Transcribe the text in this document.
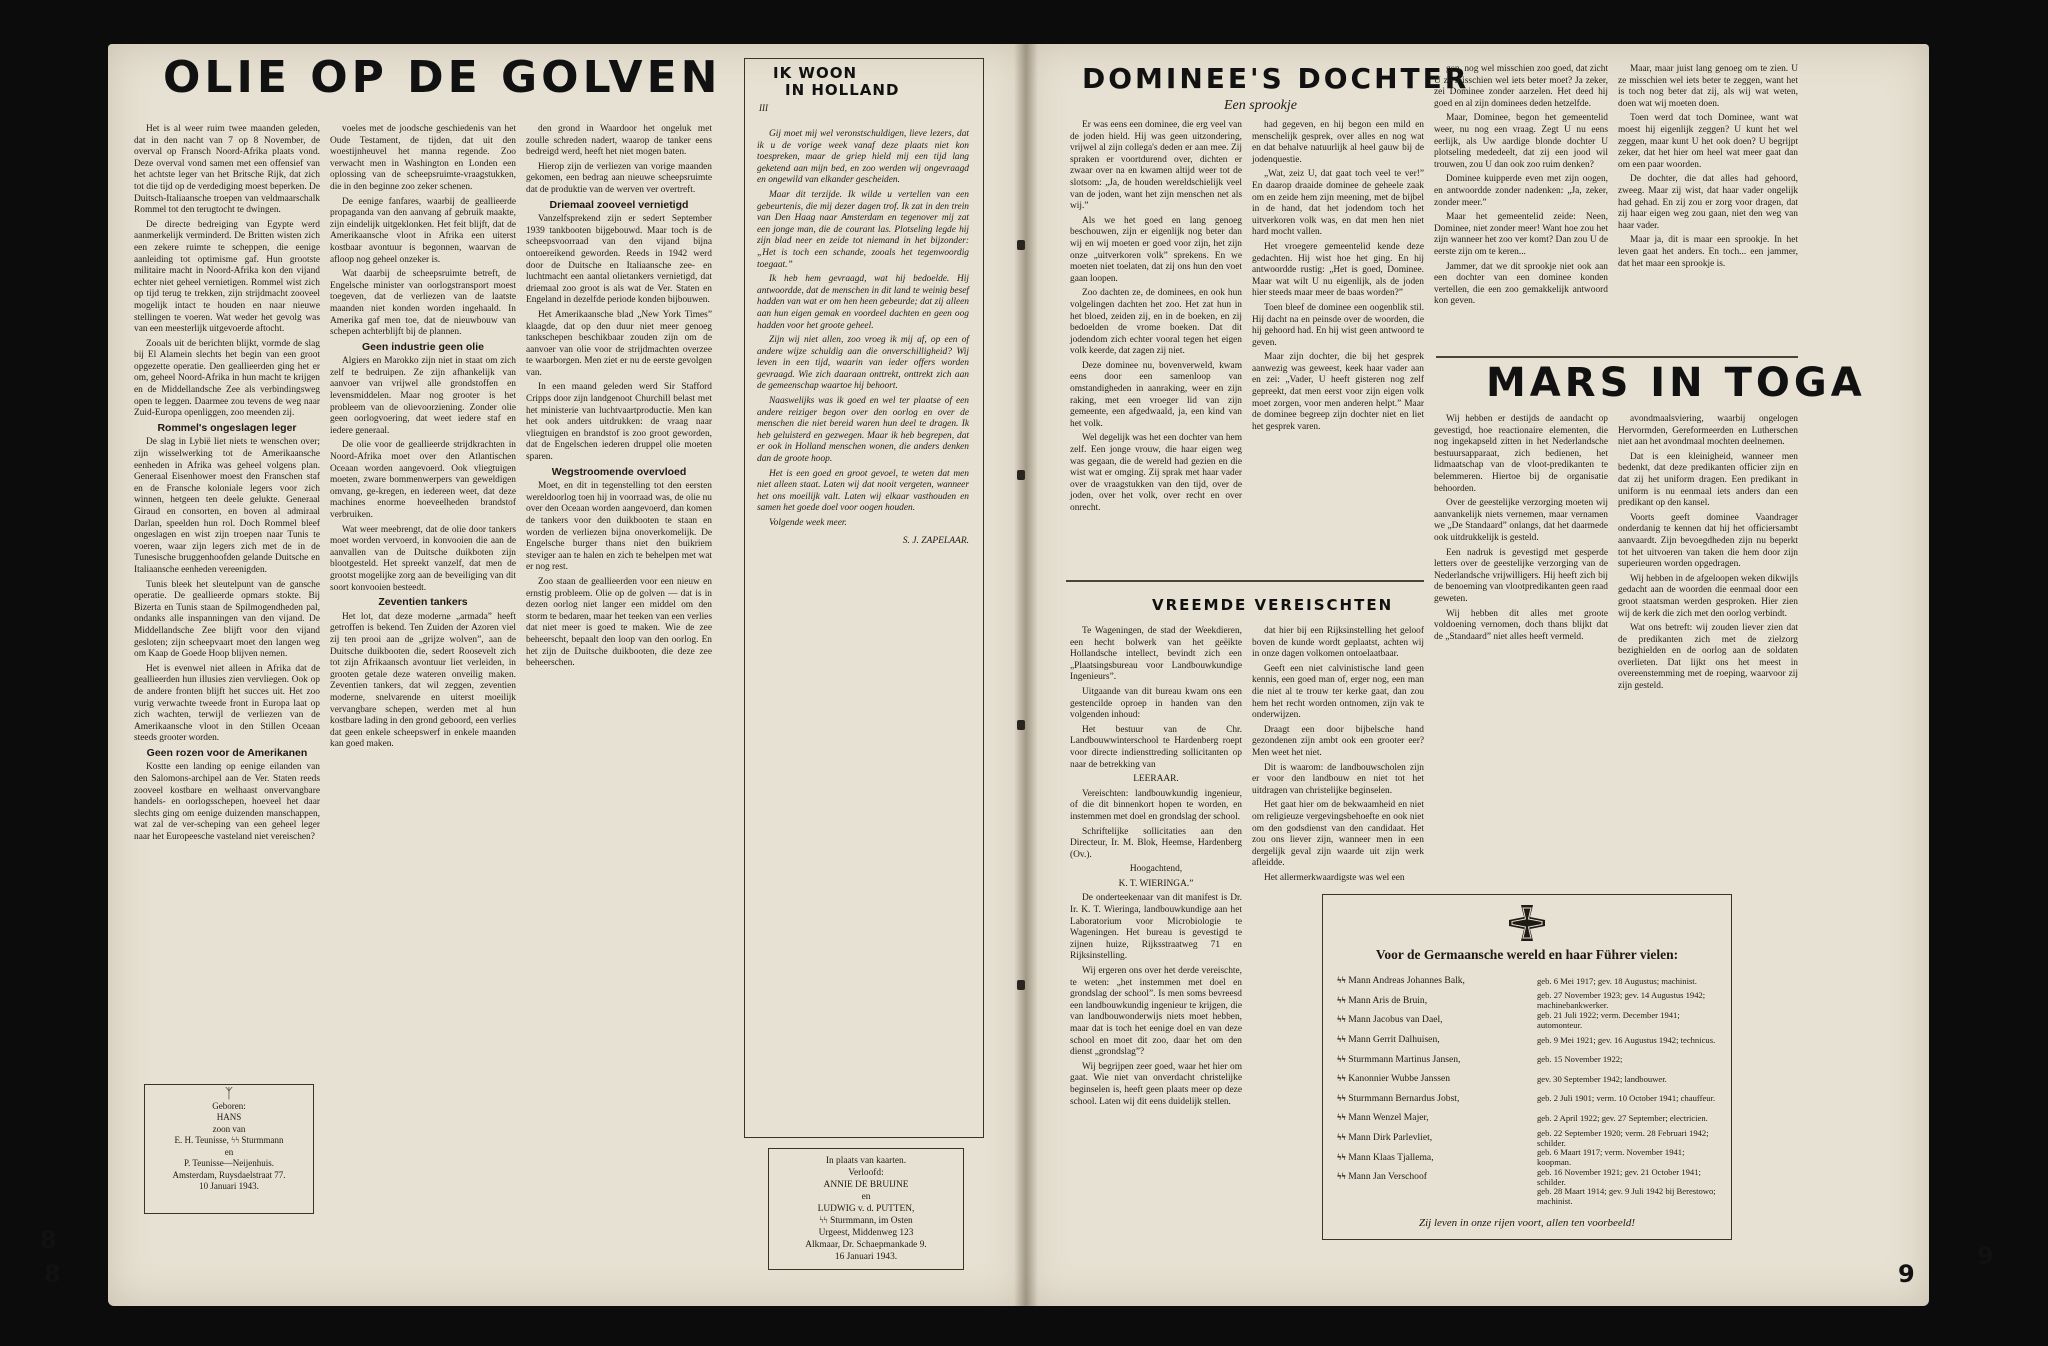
OLIE OP DE GOLVEN

Het is al weer ruim twee maanden geleden, dat in den nacht van 7 op 8 November, de overval op Fransch Noord-Afrika plaats vond. Deze overval vond samen met een offensief van het achtste leger van het Britsche Rijk, dat zich tot die tijd op de verdediging moest beperken. De Duitsch-Italiaansche troepen van veldmaarschalk Rommel tot den terugtocht te dwingen.

De directe bedreiging van Egypte werd aanmerkelijk verminderd. De Britten wisten zich een zekere ruimte te scheppen, die eenige aanleiding tot optimisme gaf. Hun grootste militaire macht in Noord-Afrika kon den vijand echter niet geheel vernietigen. Rommel wist zich op tijd terug te trekken, zijn strijdmacht zooveel mogelijk intact te houden en naar nieuwe stellingen te voeren. Wat weder het gevolg was van een meesterlijk uitgevoerde aftocht.

Zooals uit de berichten blijkt, vormde de slag bij El Alamein slechts het begin van een groot opgezette operatie. Den geallieerden ging het er om, geheel Noord-Afrika in hun macht te krijgen en de Middellandsche Zee als verbindingsweg open te leggen. Daarmee zou tevens de weg naar Zuid-Europa openliggen, zoo meenden zij.

Rommel's ongeslagen leger

De slag in Lybië liet niets te wenschen over; zijn wisselwerking tot de Amerikaansche eenheden in Afrika was geheel volgens plan. Generaal Eisenhower moest den Franschen staf en de Fransche koloniale legers voor zich winnen, hetgeen ten deele gelukte. Generaal Giraud en consorten, en boven al admiraal Darlan, speelden hun rol. Doch Rommel bleef ongeslagen en wist zijn troepen naar Tunis te voeren, waar zijn legers zich met de in de Tunesische bruggenhoofden gelande Duitsche en Italiaansche eenheden vereenigden.

Tunis bleek het sleutelpunt van de gansche operatie. De geallieerde opmars stokte. Bij Bizerta en Tunis staan de Spilmogendheden pal, ondanks alle inspanningen van den vijand. De Middellandsche Zee blijft voor den vijand gesloten; zijn scheepvaart moet den langen weg om Kaap de Goede Hoop blijven nemen.

Het is evenwel niet alleen in Afrika dat de geallieerden hun illusies zien vervliegen. Ook op de andere fronten blijft het succes uit. Het zoo vurig verwachte tweede front in Europa laat op zich wachten, terwijl de verliezen van de Amerikaansche vloot in den Stillen Oceaan steeds grooter worden.

Geen rozen voor de Amerikanen

Kostte een landing op eenige eilanden van den Salomons-archipel aan de Ver. Staten reeds zooveel kostbare en welhaast onvervangbare handels- en oorlogsschepen, hoeveel het daar slechts ging om eenige duizenden manschappen, wat zal de ver-scheping van een geheel leger naar het Europeesche vasteland niet vereischen?

ᛉ
Geboren:
HANS
zoon van
E. H. Teunisse, ϟϟ Sturmmann
en
P. Teunisse—Neijenhuis.
Amsterdam, Ruysdaelstraat 77.
10 Januari 1943.

voeles met de joodsche geschiedenis van het Oude Testament, de tijden, dat uit den woestijnheuvel het manna regende. Zoo verwacht men in Washington en Londen een oplossing van de scheepsruimte-vraagstukken, die in den beginne zoo zeker schenen.

De eenige fanfares, waarbij de geallieerde propaganda van den aanvang af gebruik maakte, zijn eindelijk uitgeklonken. Het feit blijft, dat de Amerikaansche vloot in Afrika een uiterst kostbaar avontuur is begonnen, waarvan de afloop nog geheel onzeker is.

Wat daarbij de scheepsruimte betreft, de Engelsche minister van oorlogstransport moest toegeven, dat de verliezen van de laatste maanden niet konden worden ingehaald. In Amerika gaf men toe, dat de nieuwbouw van schepen achterblijft bij de plannen.

Geen industrie geen olie

Algiers en Marokko zijn niet in staat om zich zelf te bedruipen. Ze zijn afhankelijk van aanvoer van vrijwel alle grondstoffen en levensmiddelen. Maar nog grooter is het probleem van de olievoorziening. Zonder olie geen oorlogvoering, dat weet iedere staf en iedere generaal.

De olie voor de geallieerde strijdkrachten in Noord-Afrika moet over den Atlantischen Oceaan worden aangevoerd. Ook vliegtuigen moeten, zware bommenwerpers van geweldigen omvang, ge-kregen, en iedereen weet, dat deze machines enorme hoeveelheden brandstof verbruiken.

Wat weer meebrengt, dat de olie door tankers moet worden vervoerd, in konvooien die aan de aanvallen van de Duitsche duikboten zijn blootgesteld. Het spreekt vanzelf, dat men de grootst mogelijke zorg aan de beveiliging van dit soort konvooien besteedt.

Zeventien tankers

Het lot, dat deze moderne „armada” heeft getroffen is bekend. Ten Zuiden der Azoren viel zij ten prooi aan de „grijze wolven”, aan de Duitsche duikbooten die, sedert Roosevelt zich tot zijn Afrikaansch avontuur liet verleiden, in grooten getale deze wateren onveilig maken. Zeventien tankers, dat wil zeggen, zeventien moderne, snelvarende en uiterst moeilijk vervangbare schepen, werden met al hun kostbare lading in den grond geboord, een verlies dat geen enkele scheepswerf in enkele maanden kan goed maken.

den grond in Waardoor het ongeluk met zoulle schreden nadert, waarop de tanker eens bedreigd werd, heeft het niet mogen baten.

Hierop zijn de verliezen van vorige maanden gekomen, een bedrag aan nieuwe scheepsruimte dat de produktie van de werven ver overtreft.

Driemaal zooveel vernietigd

Vanzelfsprekend zijn er sedert September 1939 tankbooten bijgebouwd. Maar toch is de scheepsvoorraad van den vijand bijna ontoereikend geworden. Reeds in 1942 werd door de Duitsche en Italiaansche zee- en luchtmacht een aantal olietankers vernietigd, dat driemaal zoo groot is als wat de Ver. Staten en Engeland in dezelfde periode konden bijbouwen.

Het Amerikaansche blad „New York Times” klaagde, dat op den duur niet meer genoeg tankschepen beschikbaar zouden zijn om de aanvoer van olie voor de strijdmachten overzee te waarborgen. Men ziet er nu de eerste gevolgen van.

In een maand geleden werd Sir Stafford Cripps door zijn landgenoot Churchill belast met het ministerie van luchtvaartproductie. Men kan het ook anders uitdrukken: de vraag naar vliegtuigen en brandstof is zoo groot geworden, dat de Engelschen iederen druppel olie moeten sparen.

Wegstroomende overvloed

Moet, en dit in tegenstelling tot den eersten wereldoorlog toen hij in voorraad was, de olie nu over den Oceaan worden aangevoerd, dan komen de tankers voor den duikbooten te staan en worden de verliezen bijna onoverkomelijk. De Engelsche burger thans niet den buikriem steviger aan te halen en zich te behelpen met wat er nog rest.

Zoo staan de geallieerden voor een nieuw en ernstig probleem. Olie op de golven — dat is in dezen oorlog niet langer een middel om den storm te bedaren, maar het teeken van een verlies dat niet meer is goed te maken. Wie de zee beheerscht, bepaalt den loop van den oorlog. En het zijn de Duitsche duikbooten, die deze zee beheerschen.

IK WOON
IN HOLLAND
III

Gij moet mij wel veronstschuldigen, lieve lezers, dat ik u de vorige week vanaf deze plaats niet kon toespreken, maar de griep hield mij een tijd lang geketend aan mijn bed, en zoo werden wij ongevraagd en ongewild van elkander gescheiden.

Maar dit terzijde. Ik wilde u vertellen van een gebeurtenis, die mij dezer dagen trof. Ik zat in den trein van Den Haag naar Amsterdam en tegenover mij zat een jonge man, die de courant las. Plotseling legde hij zijn blad neer en zeide tot niemand in het bijzonder: „Het is toch een schande, zooals het tegenwoordig toegaat.”

Ik heb hem gevraagd, wat hij bedoelde. Hij antwoordde, dat de menschen in dit land te weinig besef hadden van wat er om hen heen gebeurde; dat zij alleen aan hun eigen gemak en voordeel dachten en geen oog hadden voor het groote geheel.

Zijn wij niet allen, zoo vroeg ik mij af, op een of andere wijze schuldig aan die onverschilligheid? Wij leven in een tijd, waarin van ieder offers worden gevraagd. Wie zich daaraan onttrekt, onttrekt zich aan de gemeenschap waartoe hij behoort.

Naaswelijks was ik goed en wel ter plaatse of een andere reiziger begon over den oorlog en over de menschen die niet bereid waren hun deel te dragen. Ik heb geluisterd en gezwegen. Maar ik heb begrepen, dat er ook in Holland menschen wonen, die anders denken dan de groote hoop.

Het is een goed en groot gevoel, te weten dat men niet alleen staat. Laten wij dat nooit vergeten, wanneer het ons moeilijk valt. Laten wij elkaar vasthouden en samen het goede doel voor oogen houden.

Volgende week meer.

S. J. ZAPELAAR.
In plaats van kaarten.
Verloofd:
ANNIE DE BRUIJNE
en
LUDWIG v. d. PUTTEN,
ϟϟ Sturmmann, im Osten
Urgeest, Middenweg 123
Alkmaar, Dr. Schaepmankade 9.
16 Januari 1943.
8
DOMINEE'S DOCHTER
Een sprookje

Er was eens een dominee, die erg veel van de joden hield. Hij was geen uitzondering, vrijwel al zijn collega's deden er aan mee. Zij spraken er voortdurend over, dichten er zwaar over na en kwamen altijd weer tot de slotsom: „Ja, de houden wereldschielijk veel van de joden, want het zijn menschen net als wij.”

Als we het goed en lang genoeg beschouwen, zijn er eigenlijk nog beter dan wij en wij moeten er goed voor zijn, het zijn onze „uitverkoren volk” sprekens. En we moeten niet toelaten, dat zij ons hun den voet gaan loopen.

Zoo dachten ze, de dominees, en ook hun volgelingen dachten het zoo. Het zat hun in het bloed, zeiden zij, en in de boeken, en zij bedoelden de vrome boeken. Dat dit jodendom zich echter vooral tegen het eigen volk keerde, dat zagen zij niet.

Deze dominee nu, bovenverweld, kwam eens door een samenloop van omstandigheden in aanraking, weer en zijn raking, met een vroeger lid van zijn gemeente, een afgedwaald, ja, een kind van het volk.

Wel degelijk was het een dochter van hem zelf. Een jonge vrouw, die haar eigen weg was gegaan, die de wereld had gezien en die wist wat er omging. Zij sprak met haar vader over de vraagstukken van den tijd, over de joden, over het volk, over recht en over onrecht.

had gegeven, en hij begon een mild en menschelijk gesprek, over alles en nog wat en dat behalve natuurlijk al heel gauw bij de jodenquestie.

„Wat, zeiz U, dat gaat toch veel te ver!” En daarop draaide dominee de geheele zaak om en zeide hem zijn meening, met de bijbel in de hand, dat het jodendom toch het uitverkoren volk was, en dat men hen niet hard mocht vallen.

Het vroegere gemeentelid kende deze gedachten. Hij wist hoe het ging. En hij antwoordde rustig: „Het is goed, Dominee. Maar wat wilt U nu eigenlijk, als de joden hier steeds maar meer de baas worden?”

Toen bleef de dominee een oogenblik stil. Hij dacht na en peinsde over de woorden, die hij gehoord had. En hij wist geen antwoord te geven.

Maar zijn dochter, die bij het gesprek aanwezig was geweest, keek haar vader aan en zei: „Vader, U heeft gisteren nog zelf gepreekt, dat men eerst voor zijn eigen volk moet zorgen, voor men anderen helpt.” Maar de dominee begreep zijn dochter niet en liet het gesprek varen.

gen, nog wel misschien zoo goed, dat zicht U ze misschien wel iets beter moet? Ja zeker, zei Dominee zonder aarzelen. Het deed hij goed en al zijn dominees deden hetzelfde.

Maar, Dominee, begon het gemeentelid weer, nu nog een vraag. Zegt U nu eens eerlijk, als Uw aardige blonde dochter U plotseling mededeelt, dat zij een jood wil trouwen, zou U dan ook zoo ruim denken?

Dominee kuipperde even met zijn oogen, en antwoordde zonder nadenken: „Ja, zeker, zonder meer.”

Maar het gemeentelid zeide: Neen, Dominee, niet zonder meer! Want hoe zou het zijn wanneer het zoo ver komt? Dan zou U de eerste zijn om te keren...

Jammer, dat we dit sprookje niet ook aan een dochter van een dominee konden vertellen, die een zoo gemakkelijk antwoord kon geven.

Maar, maar juist lang genoeg om te zien. U ze misschien wel iets beter te zeggen, want het is toch nog beter dat zij, als wij wat weten, doen wat wij moeten doen.

Toen werd dat toch Dominee, want wat moest hij eigenlijk zeggen? U kunt het wel zeggen, maar kunt U het ook doen? U begrijpt zeker, dat het hier om heel wat meer gaat dan om een paar woorden.

De dochter, die dat alles had gehoord, zweeg. Maar zij wist, dat haar vader ongelijk had gehad. En zij zou er zorg voor dragen, dat zij haar eigen weg zou gaan, niet den weg van haar vader.

Maar ja, dit is maar een sprookje. In het leven gaat het anders. En toch... een jammer, dat het maar een sprookje is.

MARS IN TOGA

Wij hebben er destijds de aandacht op gevestigd, hoe reactionaire elementen, die nog ingekapseld zitten in het Nederlandsche bestuursapparaat, zich bedienen, het lidmaatschap van de vloot-predikanten te belemmeren. Hiertoe bij de organisatie behoorden.

Over de geestelijke verzorging moeten wij aanvankelijk niets vernemen, maar vernamen we „De Standaard” onlangs, dat het daarmede ook uitdrukkelijk is gesteld.

Een nadruk is gevestigd met gesperde letters over de geestelijke verzorging van de Nederlandsche vrijwilligers. Hij heeft zich bij de benoeming van vlootpredikanten geen raad geweten.

Wij hebben dit alles met groote voldoening vernomen, doch thans blijkt dat de „Standaard” niet alles heeft vermeld.

avondmaalsviering, waarbij ongelogen Hervormden, Gereformeerden en Lutherschen niet aan het avondmaal mochten deelnemen.

Dat is een kleinigheid, wanneer men bedenkt, dat deze predikanten officier zijn en dat zij het uniform dragen. Een predikant in uniform is nu eenmaal iets anders dan een predikant op den kansel.

Voorts geeft dominee Vaandrager onderdanig te kennen dat hij het officiersambt aanvaardt. Zijn bevoegdheden zijn nu beperkt tot het uitvoeren van taken die hem door zijn superieuren worden opgedragen.

Wij hebben in de afgeloopen weken dikwijls gedacht aan de woorden die eenmaal door een groot staatsman werden gesproken. Hier zien wij de kerk die zich met den oorlog verbindt.

Wat ons betreft: wij zouden liever zien dat de predikanten zich met de zielzorg bezighielden en de oorlog aan de soldaten overlieten. Dat lijkt ons het meest in overeenstemming met de roeping, waarvoor zij zijn gesteld.

VREEMDE VEREISCHTEN

Te Wageningen, de stad der Weekdieren, een hecht bolwerk van het geëikte Hollandsche intellect, bevindt zich een „Plaatsingsbureau voor Landbouwkundige Ingenieurs”.

Uitgaande van dit bureau kwam ons een gestencilde oproep in handen van den volgenden inhoud:

Het bestuur van de Chr. Landbouwwinterschool te Hardenberg roept voor directe indiensttreding sollicitanten op naar de betrekking van

LEERAAR.

Vereischten: landbouwkundig ingenieur, of die dit binnenkort hopen te worden, en instemmen met doel en grondslag der school.

Schriftelijke sollicitaties aan den Directeur, Ir. M. Blok, Heemse, Hardenberg (Ov.).

Hoogachtend,

K. T. WIERINGA.”

De onderteekenaar van dit manifest is Dr. Ir. K. T. Wieringa, landbouwkundige aan het Laboratorium voor Microbiologie te Wageningen. Het bureau is gevestigd te zijnen huize, Rijksstraatweg 71 en Rijksinstelling.

Wij ergeren ons over het derde vereischte, te weten: „het instemmen met doel en grondslag der school”. Is men soms bevreesd een landbouwkundig ingenieur te krijgen, die van landbouwonderwijs niets moet hebben, maar dat is toch het eenige doel en van deze school en moet dit zoo, daar het om den dienst „grondslag”?

Wij begrijpen zeer goed, waar het hier om gaat. Wie niet van onverdacht christelijke beginselen is, heeft geen plaats meer op deze school. Laten wij dit eens duidelijk stellen.

dat hier bij een Rijksinstelling het geloof boven de kunde wordt geplaatst, achten wij in onze dagen volkomen ontoelaatbaar.

Geeft een niet calvinistische land geen kennis, een goed man of, erger nog, een man die niet al te trouw ter kerke gaat, dan zou hem het recht worden ontnomen, zijn vak te onderwijzen.

Draagt een door bijbelsche hand gezondenen zijn ambt ook een grooter eer? Men weet het niet.

Dit is waarom: de landbouwscholen zijn er voor den landbouw en niet tot het uitdragen van christelijke beginselen.

Het gaat hier om de bekwaamheid en niet om religieuze vergevingsbehoefte en ook niet om den godsdienst van den candidaat. Het zou ons liever zijn, wanneer men in een dergelijk geval zijn waarde uit zijn werk afleidde.

Het allermerkwaardigste was wel een

Voor de Germaansche wereld en haar Führer vielen:
ϟϟ Mann Andreas Johannes Balk,	geb. 6 Mei 1917; gev. 18 Augustus; machinist.
ϟϟ Mann Aris de Bruin,	geb. 27 November 1923; gev. 14 Augustus 1942; machinebankwerker.
ϟϟ Mann Jacobus van Dael,	geb. 21 Juli 1922; verm. December 1941; automonteur.
ϟϟ Mann Gerrit Dalhuisen,	geb. 9 Mei 1921; gev. 16 Augustus 1942; technicus.
ϟϟ Sturmmann Martinus Jansen,	geb. 15 November 1922;
ϟϟ Kanonnier Wubbe Janssen	gev. 30 September 1942; landbouwer.
ϟϟ Sturmmann Bernardus Jobst,	geb. 2 Juli 1901; verm. 10 October 1941; chauffeur.
ϟϟ Mann Wenzel Majer,	geb. 2 April 1922; gev. 27 September; electricien.
ϟϟ Mann Dirk Parlevliet,	geb. 22 September 1920; verm. 28 Februari 1942; schilder.
ϟϟ Mann Klaas Tjallema,	geb. 6 Maart 1917; verm. November 1941; koopman.
ϟϟ Mann Jan Verschoof	geb. 16 November 1921; gev. 21 October 1941; schilder.
geb. 28 Maart 1914; gev. 9 Juli 1942 bij Berestowo; machinist.
Zij leven in onze rijen voort, allen ten voorbeeld!
9
8
9
